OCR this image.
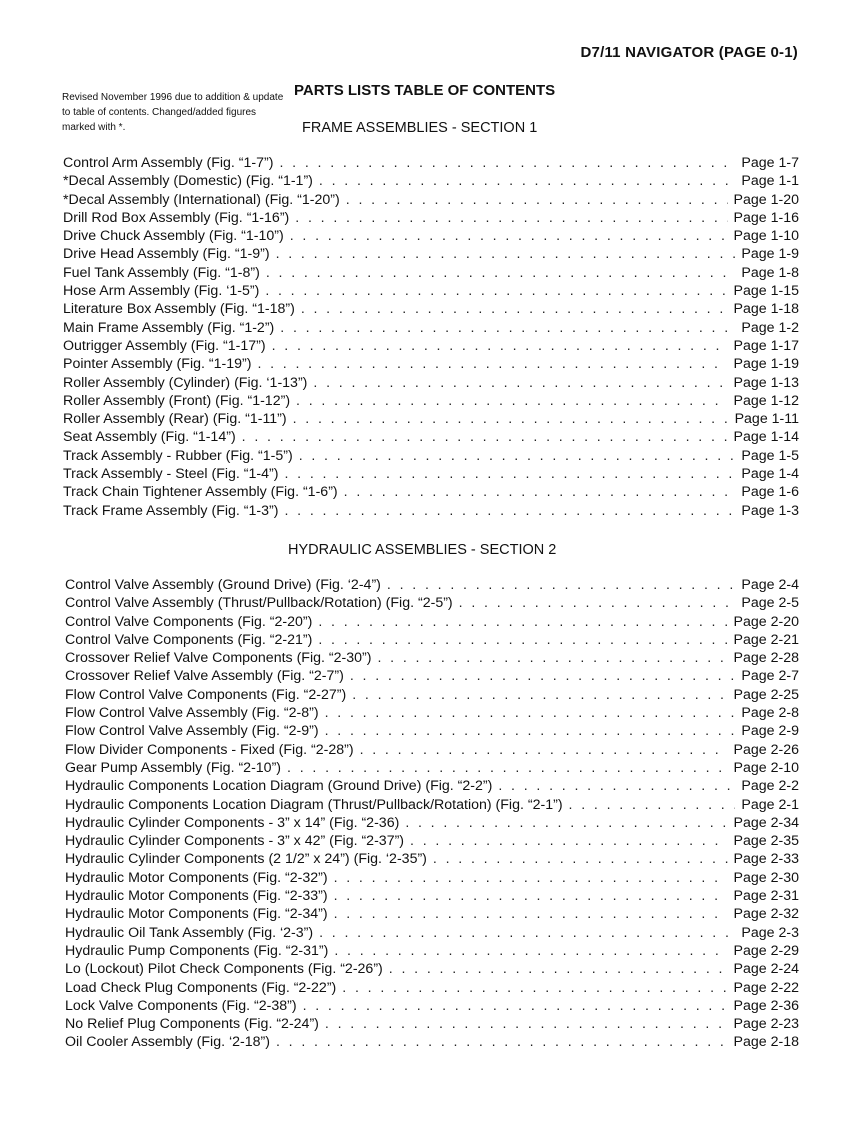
D7/11 NAVIGATOR (PAGE 0-1)
Revised November 1996 due to addition & update to table of contents. Changed/added figures marked with *.
PARTS LISTS TABLE OF CONTENTS
FRAME ASSEMBLIES - SECTION 1
Control Arm Assembly (Fig. “1-7”) . . .	Page 1-7
*Decal Assembly (Domestic) (Fig. “1-1”) . . .	Page 1-1
*Decal Assembly (International) (Fig. “1-20”) . . .	Page 1-20
Drill Rod Box Assembly (Fig. “1-16”) . . .	Page 1-16
Drive Chuck Assembly (Fig. “1-10”) . . .	Page 1-10
Drive Head Assembly (Fig. “1-9”) . . .	Page 1-9
Fuel Tank Assembly (Fig. “1-8”) . . .	Page 1-8
Hose Arm Assembly (Fig. ‘1-5”) . . .	Page 1-15
Literature Box Assembly (Fig. “1-18”) . . .	Page 1-18
Main Frame Assembly (Fig. “1-2”) . . .	Page 1-2
Outrigger Assembly (Fig. “1-17”) . . .	Page 1-17
Pointer Assembly (Fig. “1-19”) . . .	Page 1-19
Roller Assembly (Cylinder) (Fig. ‘1-13”) . . .	Page 1-13
Roller Assembly (Front) (Fig. “1-12”) . . .	Page 1-12
Roller Assembly (Rear) (Fig. “1-11”) . . .	Page 1-11
Seat Assembly (Fig. “1-14”) . . .	Page 1-14
Track Assembly - Rubber (Fig. “1-5”) . . .	Page 1-5
Track Assembly - Steel (Fig. “1-4”) . . .	Page 1-4
Track Chain Tightener Assembly (Fig. “1-6”) . . .	Page 1-6
Track Frame Assembly (Fig. “1-3”) . . .	Page 1-3
HYDRAULIC ASSEMBLIES - SECTION 2
Control Valve Assembly (Ground Drive) (Fig. ‘2-4”) . . .	Page 2-4
Control Valve Assembly (Thrust/Pullback/Rotation) (Fig. “2-5”) . . .	Page 2-5
Control Valve Components (Fig. “2-20”) . . .	Page 2-20
Control Valve Components (Fig. “2-21”) . . .	Page 2-21
Crossover Relief Valve Components (Fig. “2-30”) . . .	Page 2-28
Crossover Relief Valve Assembly (Fig. “2-7”) . . .	Page 2-7
Flow Control Valve Components (Fig. “2-27”) . . .	Page 2-25
Flow Control Valve Assembly (Fig. “2-8”) . . .	Page 2-8
Flow Control Valve Assembly (Fig. “2-9”) . . .	Page 2-9
Flow Divider Components - Fixed (Fig. “2-28”) . . .	Page 2-26
Gear Pump Assembly (Fig. “2-10”) . . .	Page 2-10
Hydraulic Components Location Diagram (Ground Drive) (Fig. “2-2”) . . .	Page 2-2
Hydraulic Components Location Diagram (Thrust/Pullback/Rotation) (Fig. “2-1”) . . .	Page 2-1
Hydraulic Cylinder Components - 3” x 14” (Fig. “2-36) . . .	Page 2-34
Hydraulic Cylinder Components - 3” x 42” (Fig. “2-37”) . . .	Page 2-35
Hydraulic Cylinder Components (2 1/2” x 24”) (Fig. ‘2-35”) . . .	Page 2-33
Hydraulic Motor Components (Fig. “2-32”) . . .	Page 2-30
Hydraulic Motor Components (Fig. “2-33”) . . .	Page 2-31
Hydraulic Motor Components (Fig. “2-34”) . . .	Page 2-32
Hydraulic Oil Tank Assembly (Fig. ‘2-3”) . . .	Page 2-3
Hydraulic Pump Components (Fig. “2-31”) . . .	Page 2-29
Lo (Lockout) Pilot Check Components (Fig. “2-26”) . . .	Page 2-24
Load Check Plug Components (Fig. “2-22”) . . .	Page 2-22
Lock Valve Components (Fig. “2-38”) . . .	Page 2-36
No Relief Plug Components (Fig. “2-24”) . . .	Page 2-23
Oil Cooler Assembly (Fig. ‘2-18”) . . .	Page 2-18
